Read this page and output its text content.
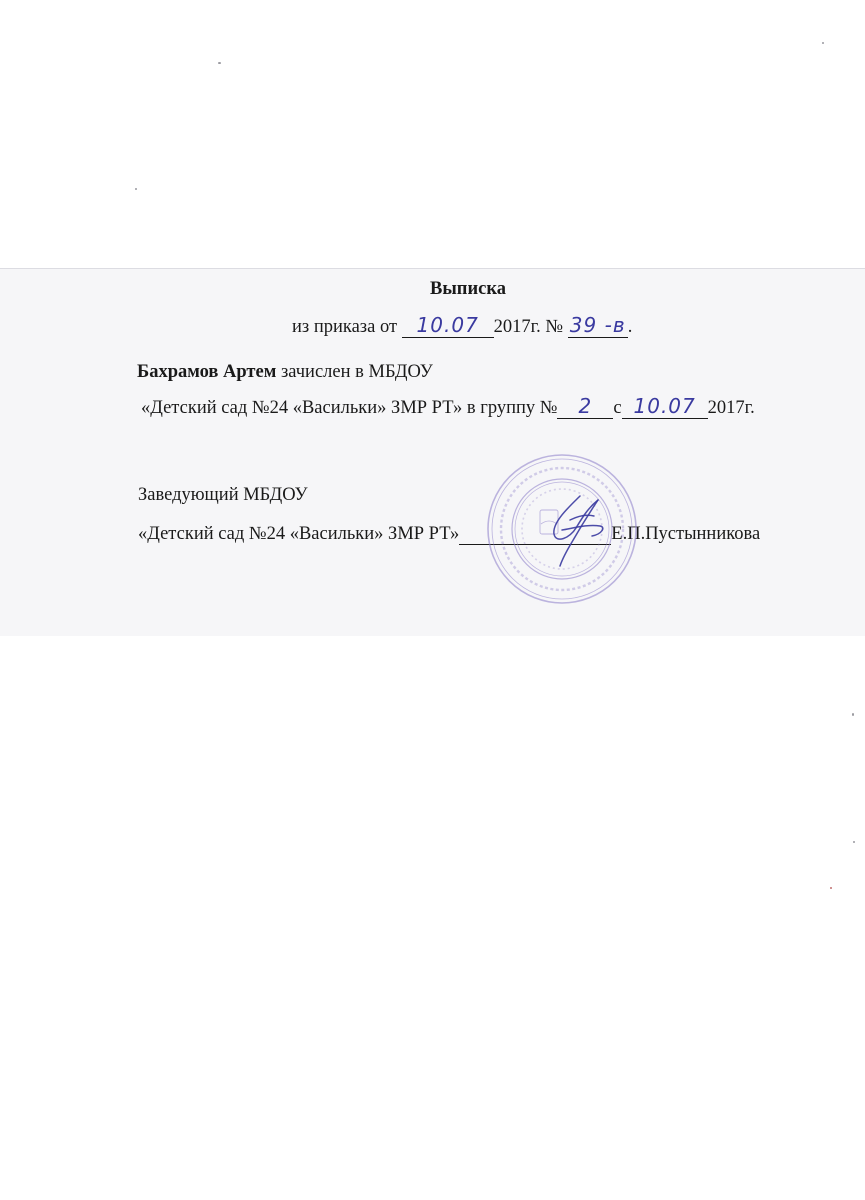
Выписка
из приказа от 10.07 2017г. № 39 -в .
Бахрамов Артем зачислен в МБДОУ
«Детский сад №24 «Васильки» ЗМР РТ» в группу №	2	с 10.07 2017г.
Заведующий МБДОУ
«Детский сад №24 «Васильки» ЗМР РТ»	Е.П.Пустынникова
